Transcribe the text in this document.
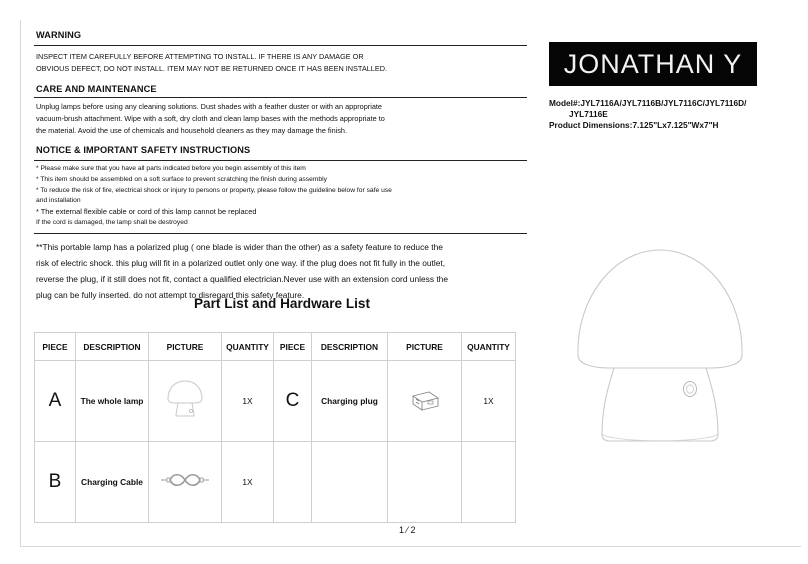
WARNING
INSPECT ITEM CAREFULLY BEFORE ATTEMPTING TO INSTALL. IF THERE IS ANY DAMAGE OR
OBVIOUS DEFECT, DO NOT INSTALL. ITEM MAY NOT BE RETURNED ONCE IT HAS BEEN INSTALLED.
CARE AND MAINTENANCE
Unplug lamps before using any cleaning solutions. Dust shades with a feather duster or with an appropriate
vacuum-brush attachment. Wipe with a soft, dry cloth and clean lamp bases with the methods appropriate to
the material. Avoid the use of chemicals and household cleaners as they may damage the finish.
NOTICE & IMPORTANT SAFETY INSTRUCTIONS
* Please make sure that you have all parts indicated before you begin assembly of this item
* This item should be assembled on a soft surface to prevent scratching the finish during assembly
* To reduce the risk of fire, electrical shock or injury to persons or property, please follow the guideline below for safe use
and installation
* The external flexible cable or cord of this lamp cannot be replaced
If the cord is damaged, the lamp shall be destroyed
**This portable lamp has a polarized plug ( one blade is wider than the other) as a safety feature to reduce the
risk of electric shock. this plug will fit in a polarized outlet only one way. if the plug does not fit fully in the outlet,
reverse the plug, if it still does not fit, contact a qualified electrician.Never use with an extension cord unless the
plug can be fully inserted. do not attempt to disregard this safety feature.
Part List and Hardware List
PIECE	DESCRIPTION	PICTURE	QUANTITY	PIECE	DESCRIPTION	PICTURE	QUANTITY
A	The whole lamp		1X	C	Charging plug		1X
B	Charging Cable		1X				
1 ⁄ 2
JONATHAN Y
Model#:JYL7116A/JYL7116B/JYL7116C/JYL7116D/
JYL7116E
Product Dimensions:7.125"Lx7.125"Wx7"H
